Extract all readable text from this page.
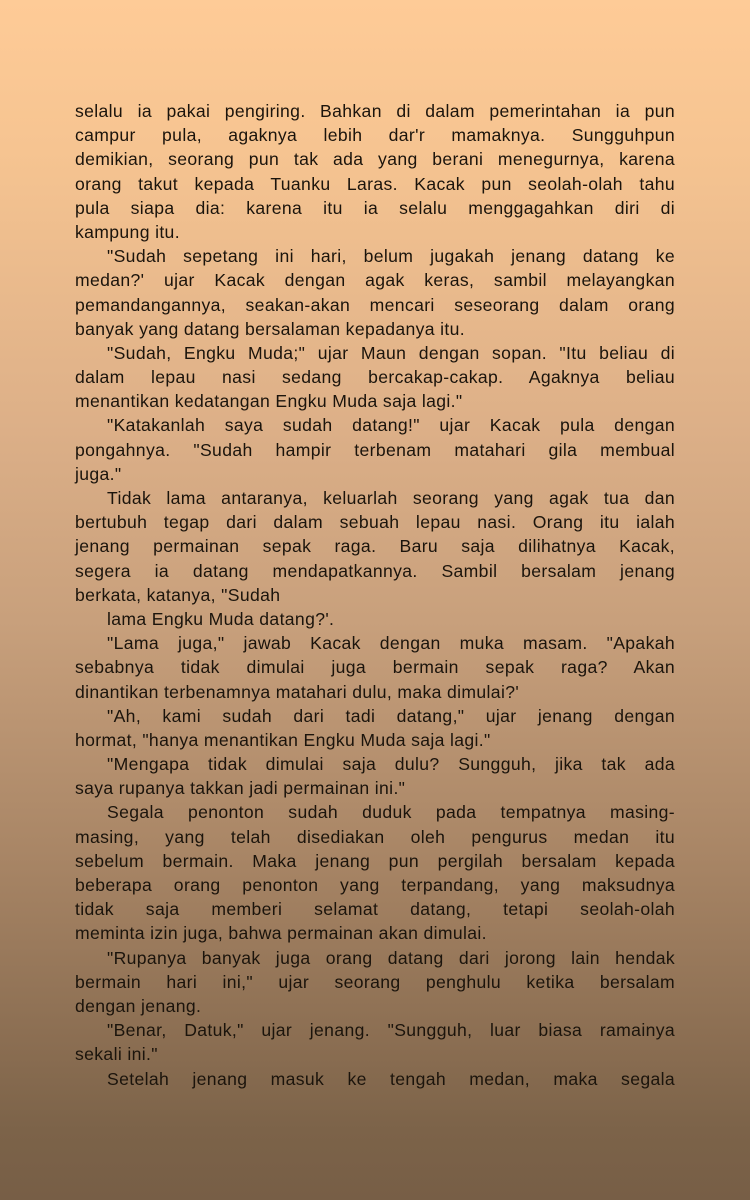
selalu ia pakai pengiring. Bahkan di dalam pemerintahan ia pun
campur pula, agaknya lebih dar'r mamaknya. Sungguhpun
demikian, seorang pun tak ada yang berani menegurnya, karena
orang takut kepada Tuanku Laras. Kacak pun seolah-olah tahu
pula siapa dia: karena itu ia selalu menggagahkan diri di
kampung itu.
"Sudah sepetang ini hari, belum jugakah jenang datang ke
medan?' ujar Kacak dengan agak keras, sambil melayangkan
pemandangannya, seakan-akan mencari seseorang dalam orang
banyak yang datang bersalaman kepadanya itu.
"Sudah, Engku Muda;" ujar Maun dengan sopan. "Itu beliau di
dalam lepau nasi sedang bercakap-cakap. Agaknya beliau
menantikan kedatangan Engku Muda saja lagi."
"Katakanlah saya sudah datang!" ujar Kacak pula dengan
pongahnya. "Sudah hampir terbenam matahari gila membual
juga."
Tidak lama antaranya, keluarlah seorang yang agak tua dan
bertubuh tegap dari dalam sebuah lepau nasi. Orang itu ialah
jenang permainan sepak raga. Baru saja dilihatnya Kacak,
segera ia datang mendapatkannya. Sambil bersalam jenang
berkata, katanya, "Sudah
lama Engku Muda datang?'.
"Lama juga," jawab Kacak dengan muka masam. "Apakah
sebabnya tidak dimulai juga bermain sepak raga? Akan
dinantikan terbenamnya matahari dulu, maka dimulai?'
"Ah, kami sudah dari tadi datang," ujar jenang dengan
hormat, "hanya menantikan Engku Muda saja lagi."
"Mengapa tidak dimulai saja dulu? Sungguh, jika tak ada
saya rupanya takkan jadi permainan ini."
Segala penonton sudah duduk pada tempatnya masing-
masing, yang telah disediakan oleh pengurus medan itu
sebelum bermain. Maka jenang pun pergilah bersalam kepada
beberapa orang penonton yang terpandang, yang maksudnya
tidak saja memberi selamat datang, tetapi seolah-olah
meminta izin juga, bahwa permainan akan dimulai.
"Rupanya banyak juga orang datang dari jorong lain hendak
bermain hari ini," ujar seorang penghulu ketika bersalam
dengan jenang.
"Benar, Datuk," ujar jenang. "Sungguh, luar biasa ramainya
sekali ini."
Setelah jenang masuk ke tengah medan, maka segala
